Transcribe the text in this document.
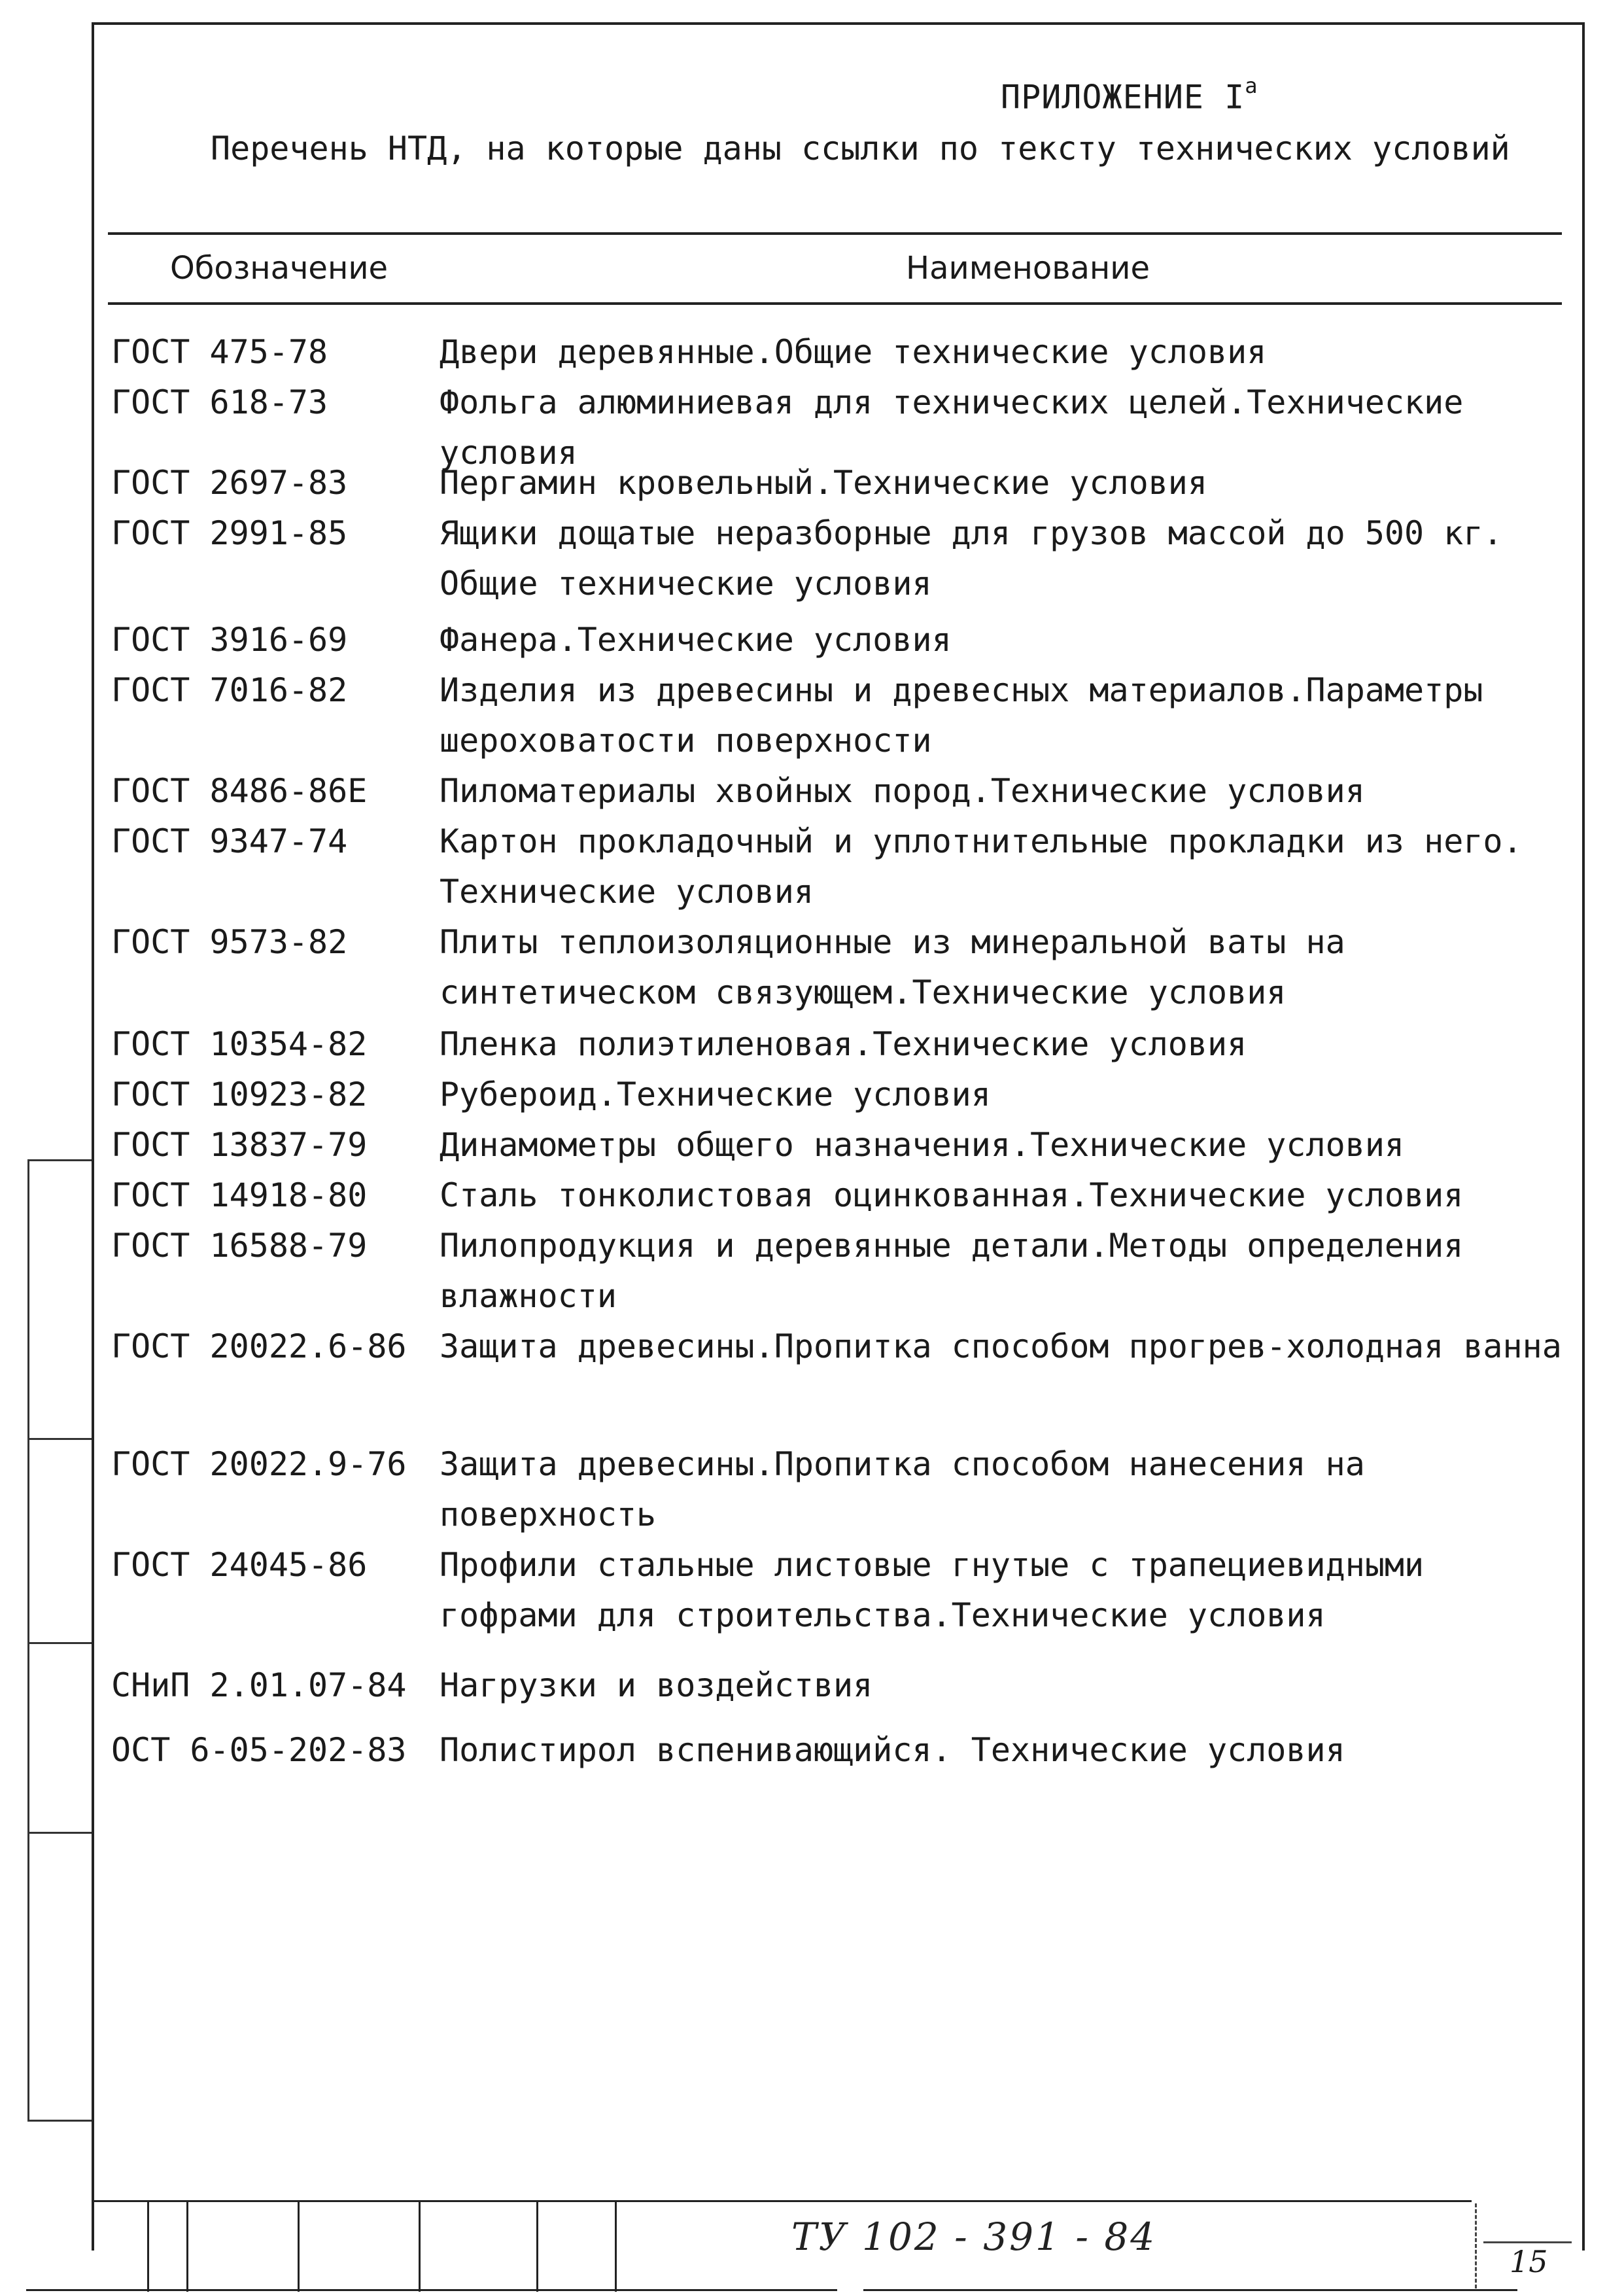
ПРИЛОЖЕНИЕ $I^а$
Перечень НТД, на которые даны ссылки по тексту технических условий
Обозначение	Наименование
ГОСТ 475-78	Двери деревянные.Общие технические условия
ГОСТ 618-73	Фольга алюминиевая для технических целей.Технические условия
ГОСТ 2697-83	Пергамин кровельный.Технические условия
ГОСТ 2991-85	Ящики дощатые неразборные для грузов массой до 500 кг. Общие технические условия
ГОСТ 3916-69	Фанера.Технические условия
ГОСТ 7016-82	Изделия из древесины и древесных материалов.Параметры шероховатости поверхности
ГОСТ 8486-86Е Пиломатериалы хвойных пород.Технические условия
ГОСТ 9347-74	Картон прокладочный и уплотнительные прокладки из него. Технические условия
ГОСТ 9573-82	Плиты теплоизоляционные из минеральной ваты на синтетическом связующем.Технические условия
ГОСТ 10354-82 Пленка полиэтиленовая.Технические условия
ГОСТ 10923-82 Рубероид.Технические условия
ГОСТ 13837-79 Динамометры общего назначения.Технические условия
ГОСТ 14918-80 Сталь тонколистовая оцинкованная.Технические условия
ГОСТ 16588-79 Пилопродукция и деревянные детали.Методы определения влажности
ГОСТ 20022.6-86 Защита древесины.Пропитка способом прогрев-холодная ванна
ГОСТ 20022.9-76 Защита древесины.Пропитка способом нанесения на поверхность
ГОСТ 24045-86 Профили стальные листовые гнутые с трапециевидными гофрами для строительства.Технические условия
СНиП 2.01.07-84 Нагрузки и воздействия
ОСТ 6-05-202-83 Полистирол вспенивающийся. Технические условия
ТУ 102 - 391 - 84
15
